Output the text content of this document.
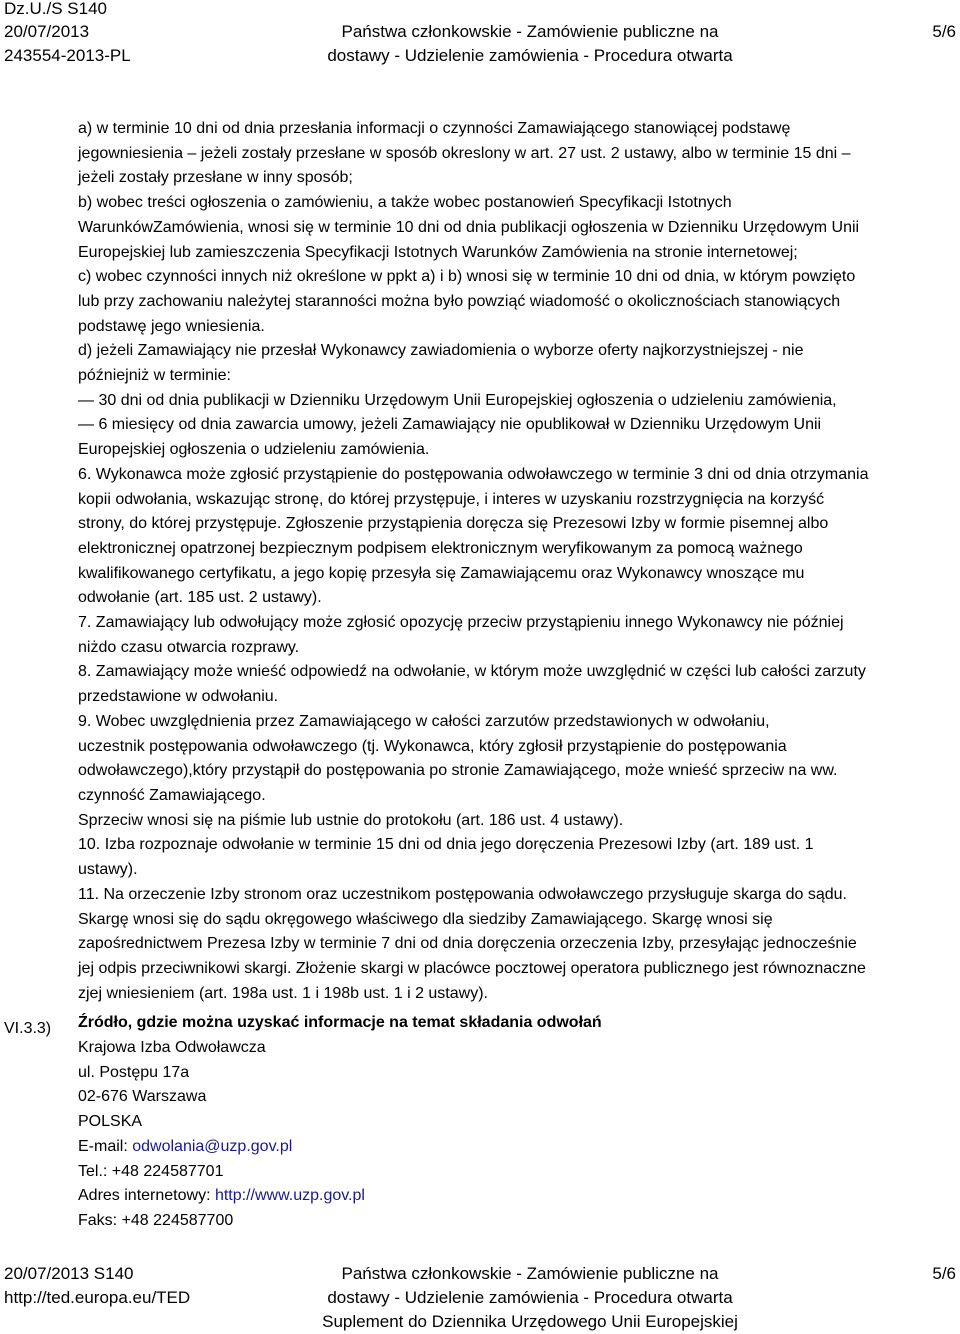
Dz.U./S S140
20/07/2013
243554-2013-PL
Państwa członkowskie - Zamówienie publiczne na
dostawy - Udzielenie zamówienia - Procedura otwarta
5/6

a) w terminie 10 dni od dnia przesłania informacji o czynności Zamawiającego stanowiącej podstawę

jegowniesienia – jeżeli zostały przesłane w sposób okreslony w art. 27 ust. 2 ustawy, albo w terminie 15 dni –

jeżeli zostały przesłane w inny sposób;

b) wobec treści ogłoszenia o zamówieniu, a także wobec postanowień Specyfikacji Istotnych

WarunkówZamówienia, wnosi się w terminie 10 dni od dnia publikacji ogłoszenia w Dzienniku Urzędowym Unii

Europejskiej lub zamieszczenia Specyfikacji Istotnych Warunków Zamówienia na stronie internetowej;

c) wobec czynności innych niż określone w ppkt a) i b) wnosi się w terminie 10 dni od dnia, w którym powzięto

lub przy zachowaniu należytej staranności można było powziąć wiadomość o okolicznościach stanowiących

podstawę jego wniesienia.

d) jeżeli Zamawiający nie przesłał Wykonawcy zawiadomienia o wyborze oferty najkorzystniejszej - nie

późniejniż w terminie:

— 30 dni od dnia publikacji w Dzienniku Urzędowym Unii Europejskiej ogłoszenia o udzieleniu zamówienia,

— 6 miesięcy od dnia zawarcia umowy, jeżeli Zamawiający nie opublikował w Dzienniku Urzędowym Unii

Europejskiej ogłoszenia o udzieleniu zamówienia.

6. Wykonawca może zgłosić przystąpienie do postępowania odwoławczego w terminie 3 dni od dnia otrzymania

kopii odwołania, wskazując stronę, do której przystępuje, i interes w uzyskaniu rozstrzygnięcia na korzyść

strony, do której przystępuje. Zgłoszenie przystąpienia doręcza się Prezesowi Izby w formie pisemnej albo

elektronicznej opatrzonej bezpiecznym podpisem elektronicznym weryfikowanym za pomocą ważnego

kwalifikowanego certyfikatu, a jego kopię przesyła się Zamawiającemu oraz Wykonawcy wnoszące mu

odwołanie (art. 185 ust. 2 ustawy).

7. Zamawiający lub odwołujący może zgłosić opozycję przeciw przystąpieniu innego Wykonawcy nie później

niżdo czasu otwarcia rozprawy.

8. Zamawiający może wnieść odpowiedź na odwołanie, w którym może uwzględnić w części lub całości zarzuty

przedstawione w odwołaniu.

9. Wobec uwzględnienia przez Zamawiającego w całości zarzutów przedstawionych w odwołaniu,

uczestnik postępowania odwoławczego (tj. Wykonawca, który zgłosił przystąpienie do postępowania

odwoławczego),który przystąpił do postępowania po stronie Zamawiającego, może wnieść sprzeciw na ww.

czynność Zamawiającego.

Sprzeciw wnosi się na piśmie lub ustnie do protokołu (art. 186 ust. 4 ustawy).

10. Izba rozpoznaje odwołanie w terminie 15 dni od dnia jego doręczenia Prezesowi Izby (art. 189 ust. 1

ustawy).

11. Na orzeczenie Izby stronom oraz uczestnikom postępowania odwoławczego przysługuje skarga do sądu.

Skargę wnosi się do sądu okręgowego właściwego dla siedziby Zamawiającego. Skargę wnosi się

zapośrednictwem Prezesa Izby w terminie 7 dni od dnia doręczenia orzeczenia Izby, przesyłając jednocześnie

jej odpis przeciwnikowi skargi. Złożenie skargi w placówce pocztowej operatora publicznego jest równoznaczne

zjej wniesieniem (art. 198a ust. 1 i 198b ust. 1 i 2 ustawy).

Źródło, gdzie można uzyskać informacje na temat składania odwołań

Krajowa Izba Odwoławcza

ul. Postępu 17a

02-676 Warszawa

POLSKA

E-mail: odwolania@uzp.gov.pl

Tel.: +48 224587701

Adres internetowy: http://www.uzp.gov.pl

Faks: +48 224587700

VI.3.3)
20/07/2013 S140
http://ted.europa.eu/TED
Państwa członkowskie - Zamówienie publiczne na
dostawy - Udzielenie zamówienia - Procedura otwarta
Suplement do Dziennika Urzędowego Unii Europejskiej
5/6
